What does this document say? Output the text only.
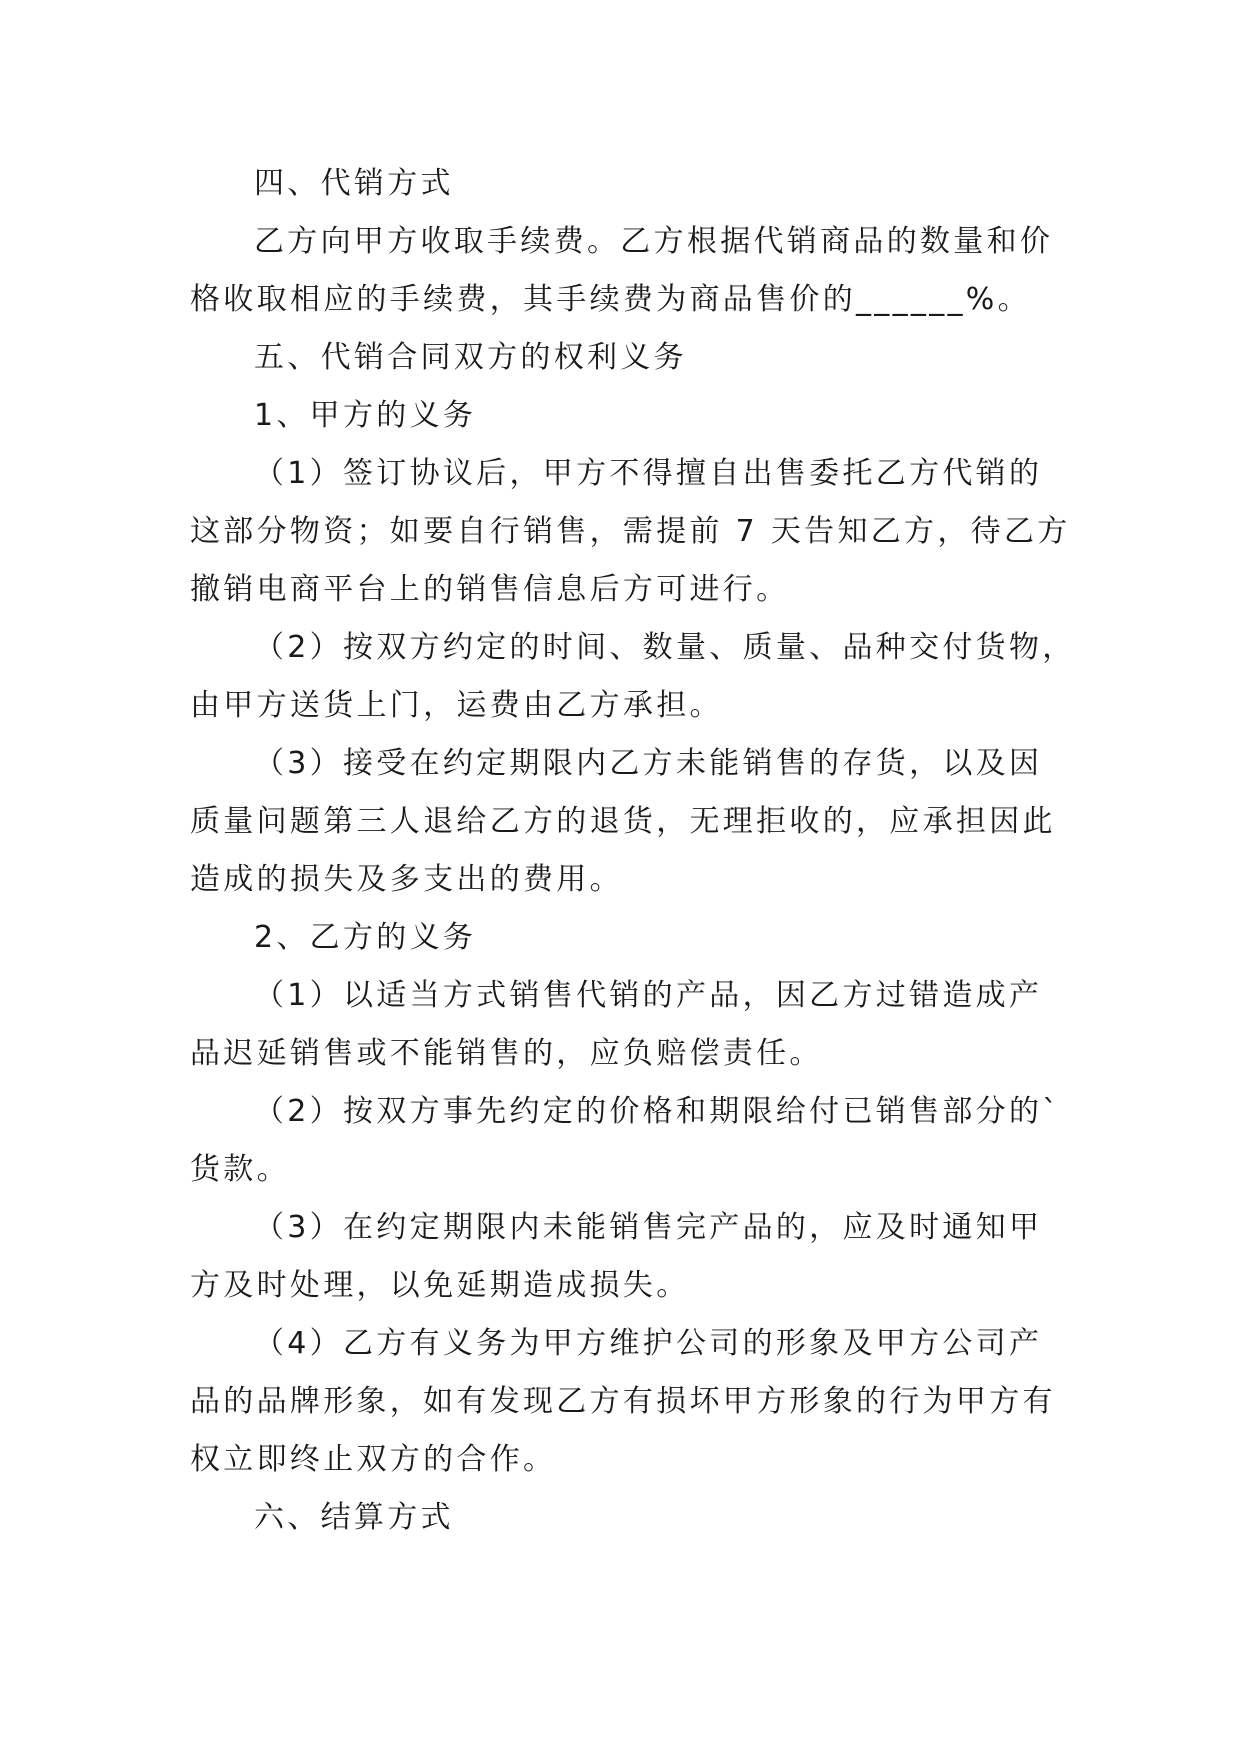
四、代销方式
乙方向甲方收取手续费。乙方根据代销商品的数量和价
格收取相应的手续费，其手续费为商品售价的______%。
五、代销合同双方的权利义务
1、甲方的义务
（1）签订协议后，甲方不得擅自出售委托乙方代销的
这部分物资；如要自行销售，需提前 7 天告知乙方，待乙方
撤销电商平台上的销售信息后方可进行。
（2）按双方约定的时间、数量、质量、品种交付货物，
由甲方送货上门，运费由乙方承担。
（3）接受在约定期限内乙方未能销售的存货，以及因
质量问题第三人退给乙方的退货，无理拒收的，应承担因此
造成的损失及多支出的费用。
2、乙方的义务
（1）以适当方式销售代销的产品，因乙方过错造成产
品迟延销售或不能销售的，应负赔偿责任。
（2）按双方事先约定的价格和期限给付已销售部分的`
货款。
（3）在约定期限内未能销售完产品的，应及时通知甲
方及时处理，以免延期造成损失。
（4）乙方有义务为甲方维护公司的形象及甲方公司产
品的品牌形象，如有发现乙方有损坏甲方形象的行为甲方有
权立即终止双方的合作。
六、结算方式
